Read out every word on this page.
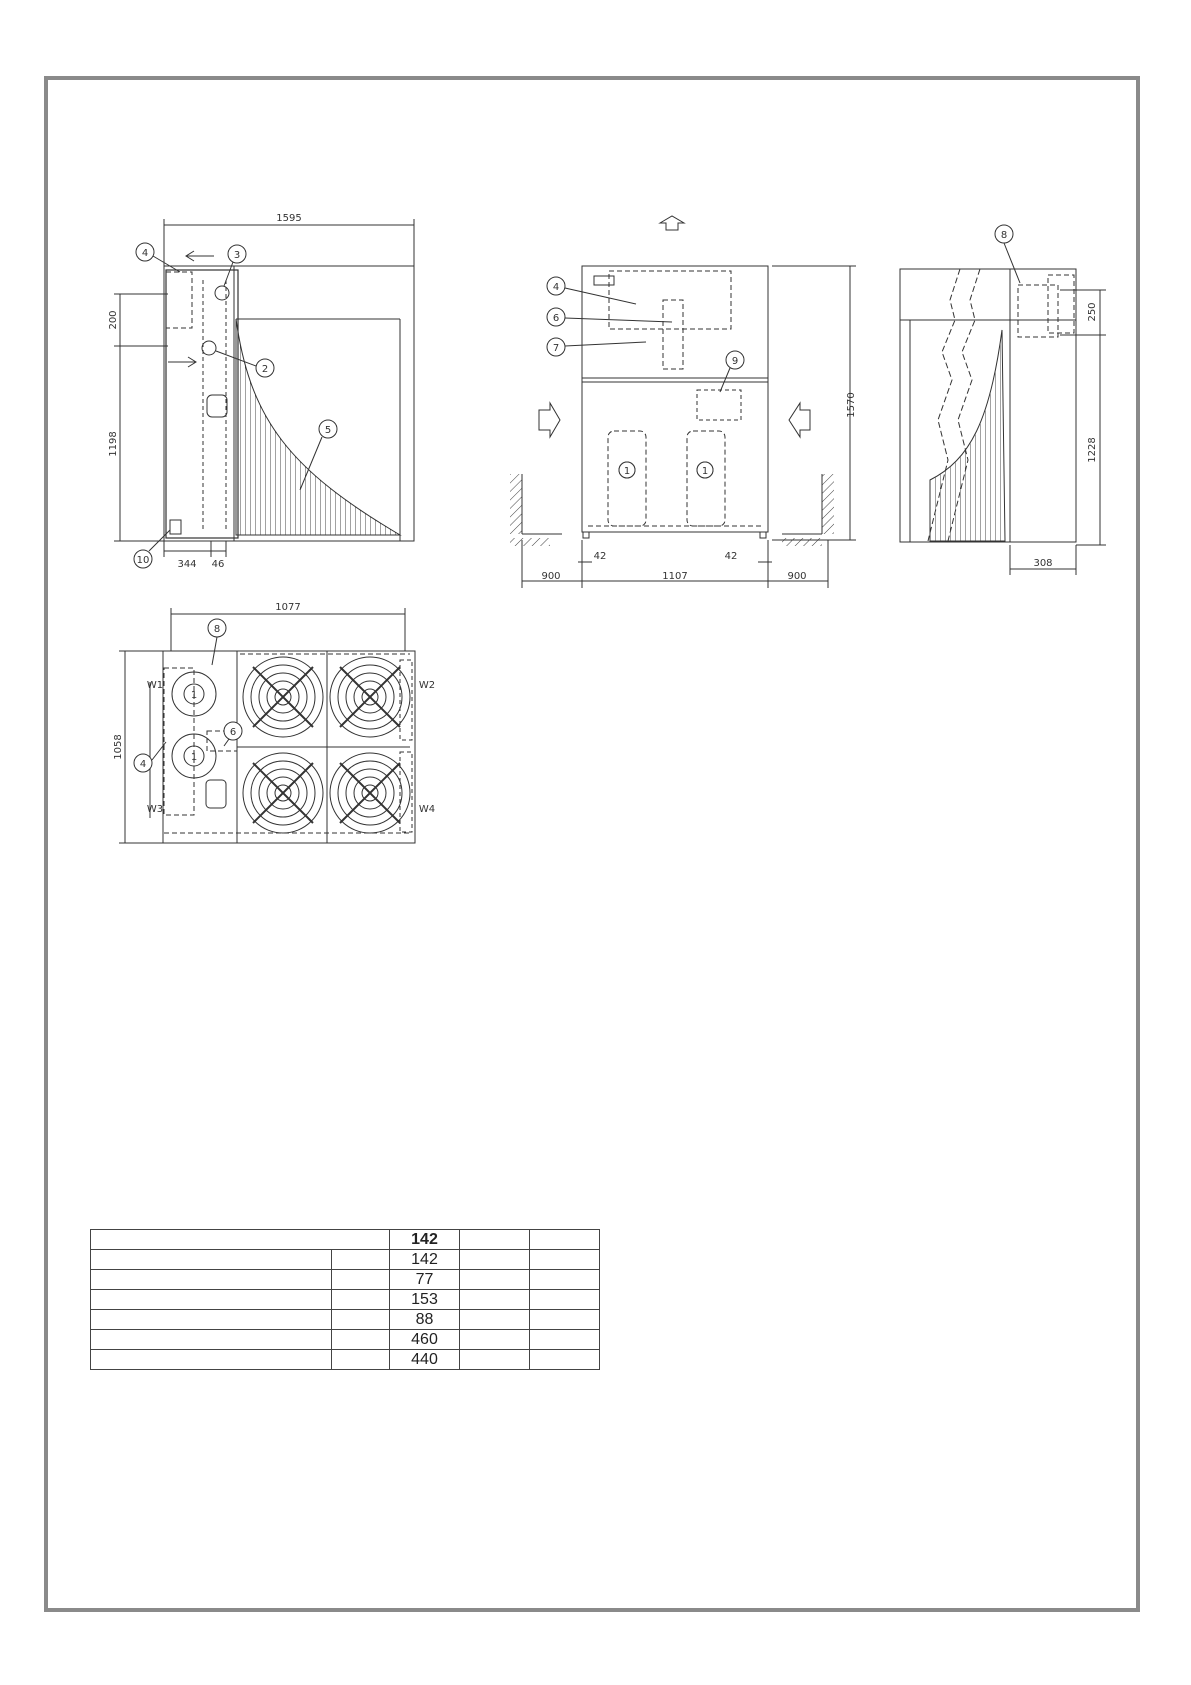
1595
200
1198
344 46
4	3
2
5
10
1570
1107
900	900
42	42
4
6
7
9
1	1
250
1228
308
8
1077
1058
W1	W2
W3	W4
8
4
6
1
1
		142		
		142		
		77		
		153		
		88		
		460		
		440		
